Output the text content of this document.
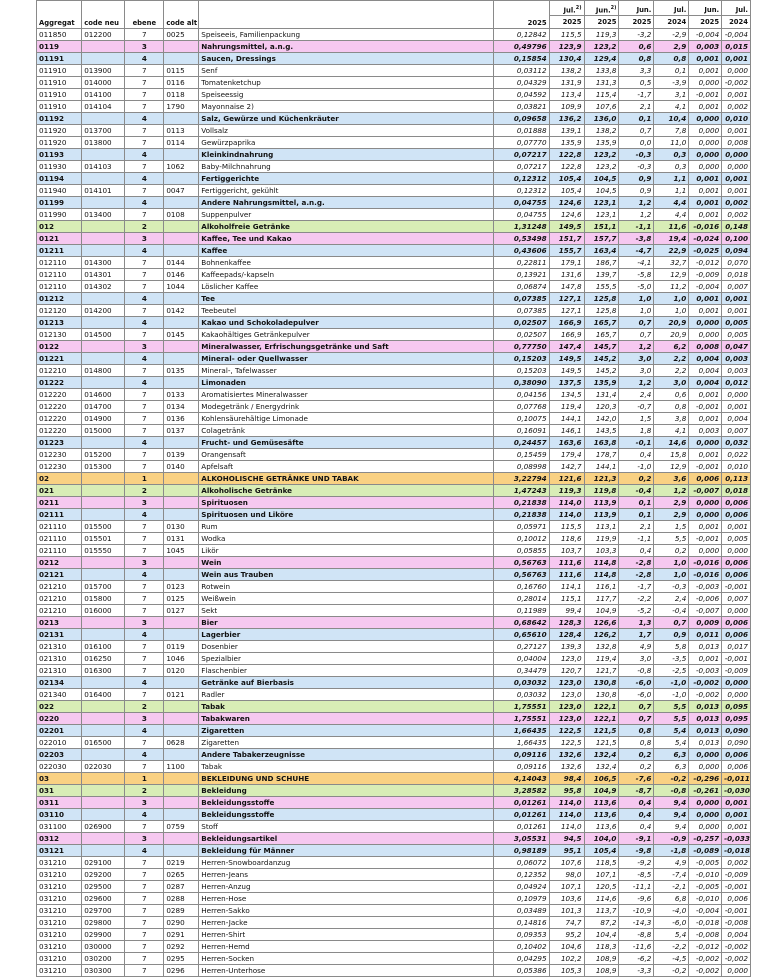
Aggregat	code neu	ebene	code alt		2025	Jul.$^{2)}$	Jun.$^{2)}$	Jun.	Jul.	Jun.	Jul.
						2025	2025	2025	2024	2025	2024
011850	012200	7	0025	Speiseeis, Familienpackung	0,12842	115,5	119,3	-3,2	-2,9	-0,004	-0,004
0119		3		Nahrungsmittel, a.n.g.	0,49796	123,9	123,2	0,6	2,9	0,003	0,015
01191		4		Saucen, Dressings	0,15854	130,4	129,4	0,8	0,8	0,001	0,001
011910	013900	7	0115	Senf	0,03112	138,2	133,8	3,3	0,1	0,001	0,000
011910	014000	7	0116	Tomatenketchup	0,04329	131,9	131,3	0,5	-3,9	0,000	-0,002
011910	014100	7	0118	Speiseessig	0,04592	113,4	115,4	-1,7	3,1	-0,001	0,001
011910	014104	7	1790	Mayonnaise 2)	0,03821	109,9	107,6	2,1	4,1	0,001	0,002
01192		4		Salz, Gewürze und Küchenkräuter	0,09658	136,2	136,0	0,1	10,4	0,000	0,010
011920	013700	7	0113	Vollsalz	0,01888	139,1	138,2	0,7	7,8	0,000	0,001
011920	013800	7	0114	Gewürzpaprika	0,07770	135,9	135,9	0,0	11,0	0,000	0,008
01193		4		Kleinkindnahrung	0,07217	122,8	123,2	-0,3	0,3	0,000	0,000
011930	014103	7	1062	Baby-Milchnahrung	0,07217	122,8	123,2	-0,3	0,3	0,000	0,000
01194		4		Fertiggerichte	0,12312	105,4	104,5	0,9	1,1	0,001	0,001
011940	014101	7	0047	Fertiggericht, gekühlt	0,12312	105,4	104,5	0,9	1,1	0,001	0,001
01199		4		Andere Nahrungsmittel, a.n.g.	0,04755	124,6	123,1	1,2	4,4	0,001	0,002
011990	013400	7	0108	Suppenpulver	0,04755	124,6	123,1	1,2	4,4	0,001	0,002
012		2		Alkoholfreie Getränke	1,31248	149,5	151,1	-1,1	11,6	-0,016	0,148
0121		3		Kaffee, Tee und Kakao	0,53498	151,7	157,7	-3,8	19,4	-0,024	0,100
01211		4		Kaffee	0,43606	155,7	163,4	-4,7	22,9	-0,025	0,094
012110	014300	7	0144	Bohnenkaffee	0,22811	179,1	186,7	-4,1	32,7	-0,012	0,070
012110	014301	7	0146	Kaffeepads/-kapseln	0,13921	131,6	139,7	-5,8	12,9	-0,009	0,018
012110	014302	7	1044	Löslicher Kaffee	0,06874	147,8	155,5	-5,0	11,2	-0,004	0,007
01212		4		Tee	0,07385	127,1	125,8	1,0	1,0	0,001	0,001
012120	014200	7	0142	Teebeutel	0,07385	127,1	125,8	1,0	1,0	0,001	0,001
01213		4		Kakao und Schokoladepulver	0,02507	166,9	165,7	0,7	20,9	0,000	0,005
012130	014500	7	0145	Kakaohältiges Getränkepulver	0,02507	166,9	165,7	0,7	20,9	0,000	0,005
0122		3		Mineralwasser, Erfrischungsgetränke und Saft	0,77750	147,4	145,7	1,2	6,2	0,008	0,047
01221		4		Mineral- oder Quellwasser	0,15203	149,5	145,2	3,0	2,2	0,004	0,003
012210	014800	7	0135	Mineral-, Tafelwasser	0,15203	149,5	145,2	3,0	2,2	0,004	0,003
01222		4		Limonaden	0,38090	137,5	135,9	1,2	3,0	0,004	0,012
012220	014600	7	0133	Aromatisiertes Mineralwasser	0,04156	134,5	131,4	2,4	0,6	0,001	0,000
012220	014700	7	0134	Modegetränk / Energydrink	0,07768	119,4	120,3	-0,7	0,8	-0,001	0,001
012220	014900	7	0136	Kohlensäurehältige Limonade	0,10075	144,1	142,0	1,5	3,8	0,001	0,004
012220	015000	7	0137	Colagetränk	0,16091	146,1	143,5	1,8	4,1	0,003	0,007
01223		4		Frucht- und Gemüsesäfte	0,24457	163,6	163,8	-0,1	14,6	0,000	0,032
012230	015200	7	0139	Orangensaft	0,15459	179,4	178,7	0,4	15,8	0,001	0,022
012230	015300	7	0140	Apfelsaft	0,08998	142,7	144,1	-1,0	12,9	-0,001	0,010
02		1		ALKOHOLISCHE GETRÄNKE UND TABAK	3,22794	121,6	121,3	0,2	3,6	0,006	0,113
021		2		Alkoholische Getränke	1,47243	119,3	119,8	-0,4	1,2	-0,007	0,018
0211		3		Spirituosen	0,21838	114,0	113,9	0,1	2,9	0,000	0,006
02111		4		Spirituosen und Liköre	0,21838	114,0	113,9	0,1	2,9	0,000	0,006
021110	015500	7	0130	Rum	0,05971	115,5	113,1	2,1	1,5	0,001	0,001
021110	015501	7	0131	Wodka	0,10012	118,6	119,9	-1,1	5,5	-0,001	0,005
021110	015550	7	1045	Likör	0,05855	103,7	103,3	0,4	0,2	0,000	0,000
0212		3		Wein	0,56763	111,6	114,8	-2,8	1,0	-0,016	0,006
02121		4		Wein aus Trauben	0,56763	111,6	114,8	-2,8	1,0	-0,016	0,006
021210	015700	7	0123	Rotwein	0,16760	114,1	116,1	-1,7	-0,3	-0,003	-0,001
021210	015800	7	0125	Weißwein	0,28014	115,1	117,7	-2,2	2,4	-0,006	0,007
021210	016000	7	0127	Sekt	0,11989	99,4	104,9	-5,2	-0,4	-0,007	0,000
0213		3		Bier	0,68642	128,3	126,6	1,3	0,7	0,009	0,006
02131		4		Lagerbier	0,65610	128,4	126,2	1,7	0,9	0,011	0,006
021310	016100	7	0119	Dosenbier	0,27127	139,3	132,8	4,9	5,8	0,013	0,017
021310	016250	7	1046	Spezialbier	0,04004	123,0	119,4	3,0	-3,5	0,001	-0,001
021310	016300	7	0120	Flaschenbier	0,34479	120,7	121,7	-0,8	-2,5	-0,003	-0,009
02134		4		Getränke auf Bierbasis	0,03032	123,0	130,8	-6,0	-1,0	-0,002	0,000
021340	016400	7	0121	Radler	0,03032	123,0	130,8	-6,0	-1,0	-0,002	0,000
022		2		Tabak	1,75551	123,0	122,1	0,7	5,5	0,013	0,095
0220		3		Tabakwaren	1,75551	123,0	122,1	0,7	5,5	0,013	0,095
02201		4		Zigaretten	1,66435	122,5	121,5	0,8	5,4	0,013	0,090
022010	016500	7	0628	Zigaretten	1,66435	122,5	121,5	0,8	5,4	0,013	0,090
02203		4		Andere Tabakerzeugnisse	0,09116	132,6	132,4	0,2	6,3	0,000	0,006
022030	022030	7	1100	Tabak	0,09116	132,6	132,4	0,2	6,3	0,000	0,006
03		1		BEKLEIDUNG UND SCHUHE	4,14043	98,4	106,5	-7,6	-0,2	-0,296	-0,011
031		2		Bekleidung	3,28582	95,8	104,9	-8,7	-0,8	-0,261	-0,030
0311		3		Bekleidungsstoffe	0,01261	114,0	113,6	0,4	9,4	0,000	0,001
03110		4		Bekleidungsstoffe	0,01261	114,0	113,6	0,4	9,4	0,000	0,001
031100	026900	7	0759	Stoff	0,01261	114,0	113,6	0,4	9,4	0,000	0,001
0312		3		Bekleidungsartikel	3,05531	94,5	104,0	-9,1	-0,9	-0,257	-0,033
03121		4		Bekleidung für Männer	0,98189	95,1	105,4	-9,8	-1,8	-0,089	-0,018
031210	029100	7	0219	Herren-Snowboardanzug	0,06072	107,6	118,5	-9,2	4,9	-0,005	0,002
031210	029200	7	0265	Herren-Jeans	0,12352	98,0	107,1	-8,5	-7,4	-0,010	-0,009
031210	029500	7	0287	Herren-Anzug	0,04924	107,1	120,5	-11,1	-2,1	-0,005	-0,001
031210	029600	7	0288	Herren-Hose	0,10979	103,6	114,6	-9,6	6,8	-0,010	0,006
031210	029700	7	0289	Herren-Sakko	0,03489	101,3	113,7	-10,9	-4,0	-0,004	-0,001
031210	029800	7	0290	Herren-Jacke	0,14816	74,7	87,2	-14,3	-6,0	-0,018	-0,008
031210	029900	7	0291	Herren-Shirt	0,09353	95,2	104,4	-8,8	5,4	-0,008	0,004
031210	030000	7	0292	Herren-Hemd	0,10402	104,6	118,3	-11,6	-2,2	-0,012	-0,002
031210	030200	7	0295	Herren-Socken	0,04295	102,2	108,9	-6,2	-4,5	-0,002	-0,002
031210	030300	7	0296	Herren-Unterhose	0,05386	105,3	108,9	-3,3	-0,2	-0,002	0,000
